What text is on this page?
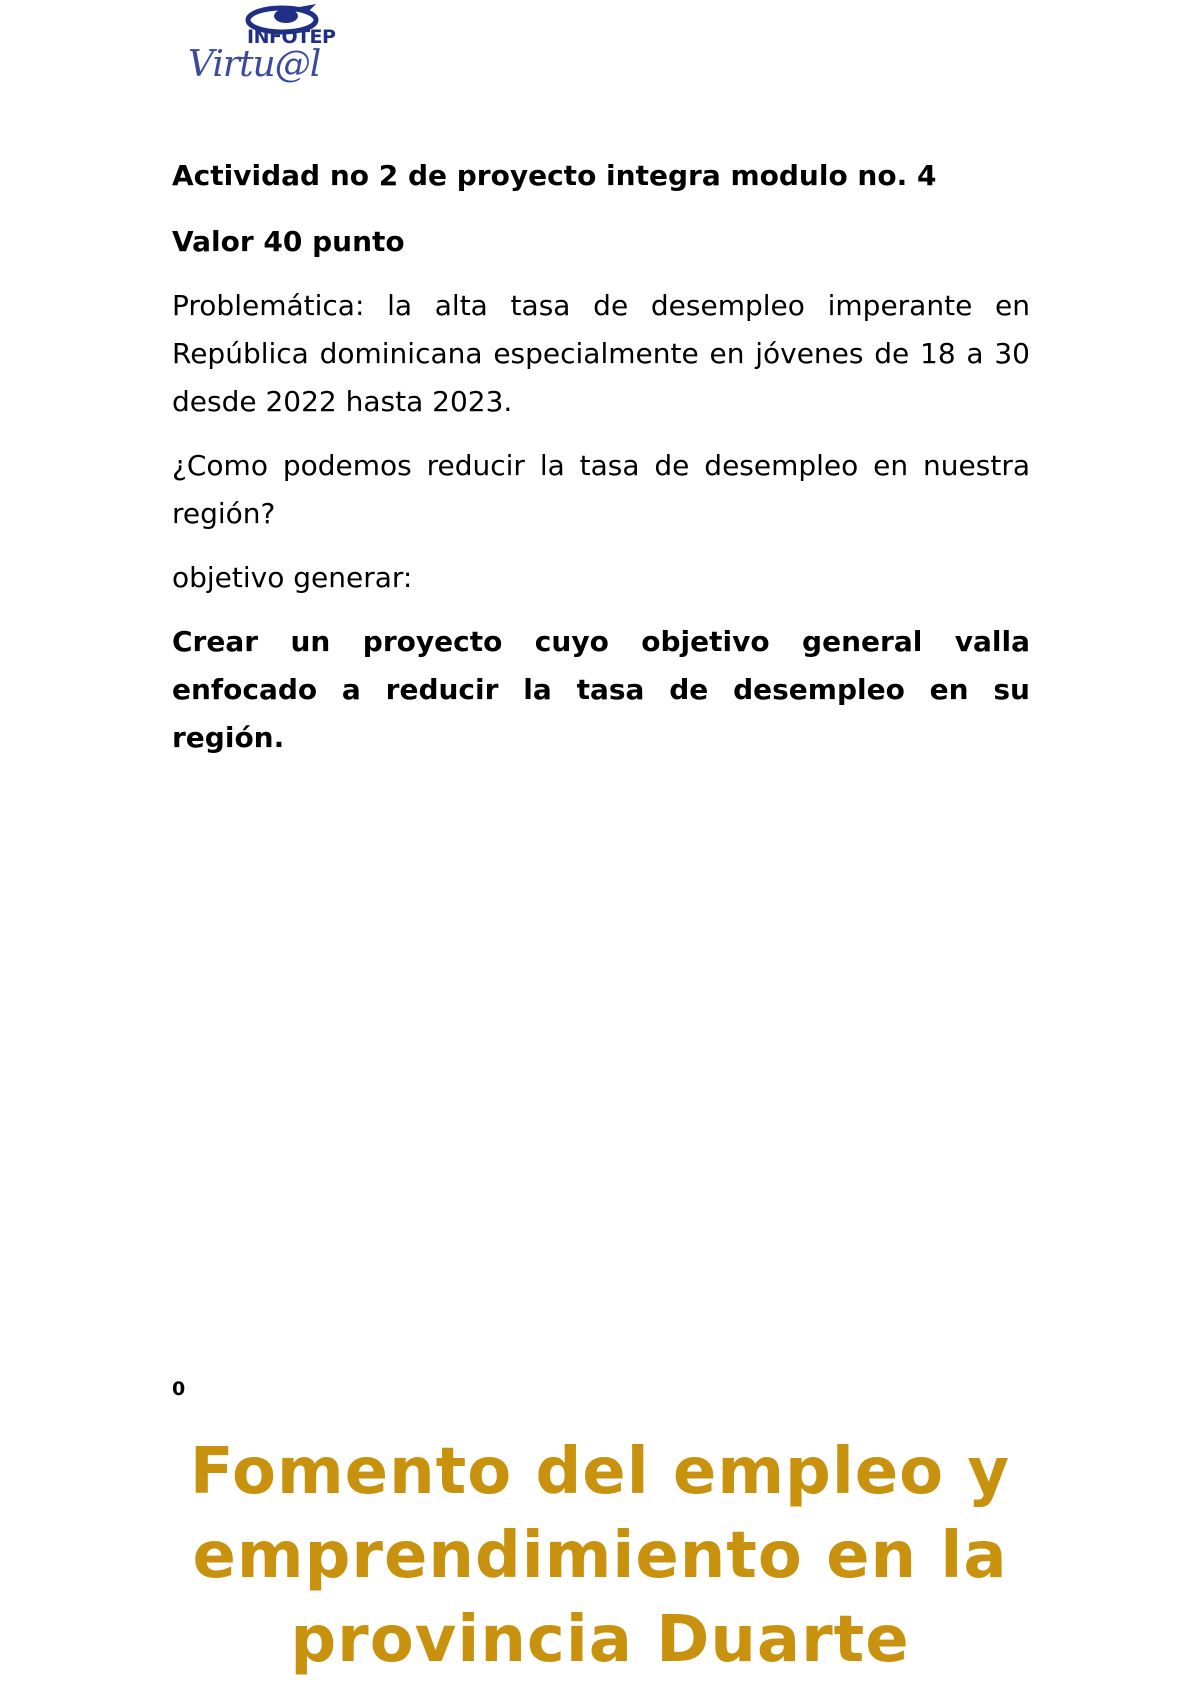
INFOTEP
Virtu@l

Actividad no 2 de proyecto integra modulo no. 4

Valor 40 punto

Problemática: la alta tasa de desempleo imperante en República dominicana especialmente en jóvenes de 18 a 30 desde 2022 hasta 2023.

¿Como podemos reducir la tasa de desempleo en nuestra región?

objetivo generar:

Crear un proyecto cuyo objetivo general valla enfocado a reducir la tasa de desempleo en su región.

0
Fomento del empleo y emprendimiento en la provincia Duarte
